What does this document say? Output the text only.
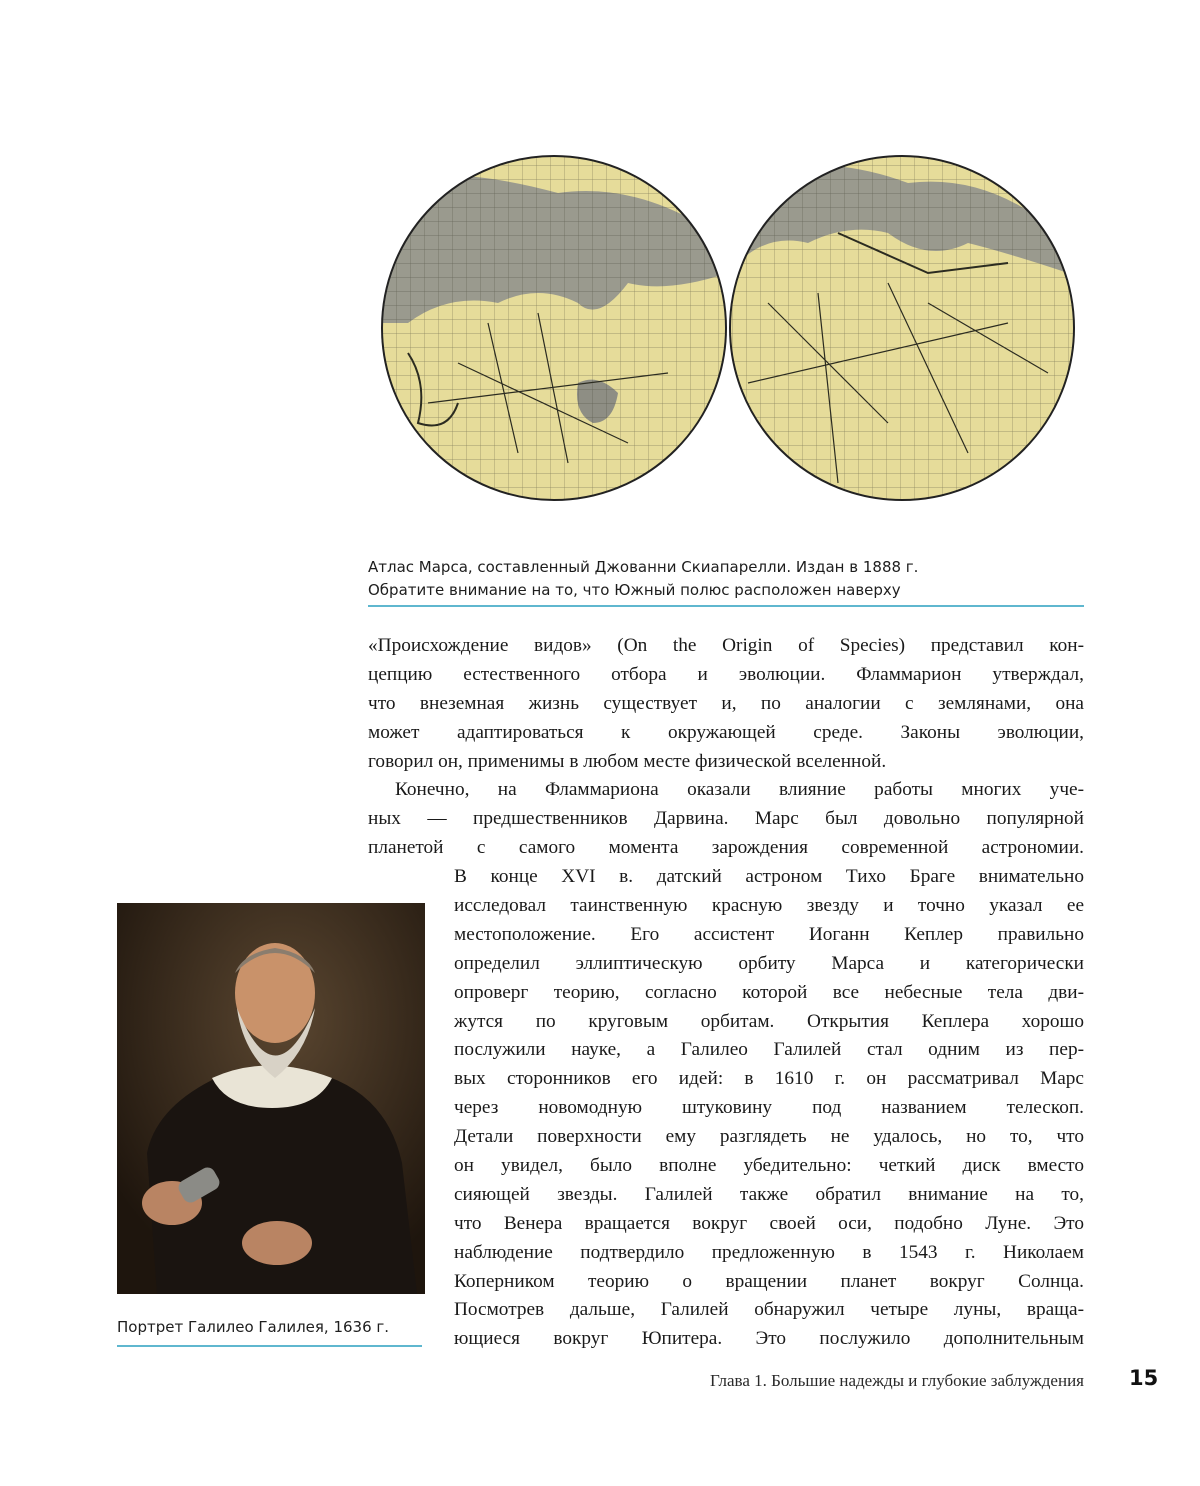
Атлас Марса, составленный Джованни Скиапарелли. Издан в 1888 г.
Обратите внимание на то, что Южный полюс расположен наверху
«Происхождение видов» (On the Origin of Species) представил кон-
цепцию естественного отбора и эволюции. Фламмарион утверждал,
что внеземная жизнь существует и, по аналогии с землянами, она
может адаптироваться к окружающей среде. Законы эволюции,
говорил он, применимы в любом месте физической вселенной.
Конечно, на Фламмариона оказали влияние работы многих уче-
ных — предшественников Дарвина. Марс был довольно популярной
планетой с самого момента зарождения современной астрономии.
В конце XVI в. датский астроном Тихо Браге внимательно
исследовал таинственную красную звезду и точно указал ее
местоположение. Его ассистент Иоганн Кеплер правильно
определил эллиптическую орбиту Марса и категорически
опроверг теорию, согласно которой все небесные тела дви-
жутся по круговым орбитам. Открытия Кеплера хорошо
послужили науке, а Галилео Галилей стал одним из пер-
вых сторонников его идей: в 1610 г. он рассматривал Марс
через новомодную штуковину под названием телескоп.
Детали поверхности ему разглядеть не удалось, но то, что
он увидел, было вполне убедительно: четкий диск вместо
сияющей звезды. Галилей также обратил внимание на то,
что Венера вращается вокруг своей оси, подобно Луне. Это
наблюдение подтвердило предложенную в 1543 г. Николаем
Коперником теорию о вращении планет вокруг Солнца.
Посмотрев дальше, Галилей обнаружил четыре луны, враща-
ющиеся вокруг Юпитера. Это послужило дополнительным
Портрет Галилео Галилея, 1636 г.
Глава 1. Большие надежды и глубокие заблуждения 15
